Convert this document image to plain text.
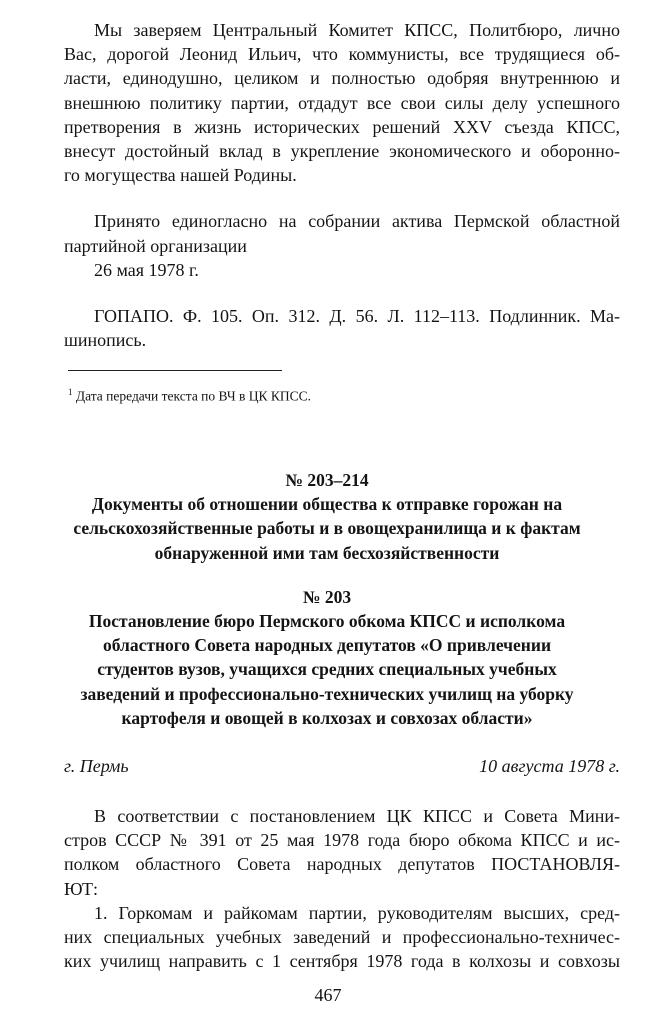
Мы заверяем Центральный Комитет КПСС, Политбюро, лично
Вас, дорогой Леонид Ильич, что коммунисты, все трудящиеся об-
ласти, единодушно, целиком и полностью одобряя внутреннюю и
внешнюю политику партии, отдадут все свои силы делу успешного
претворения в жизнь исторических решений XXV съезда КПСС,
внесут достойный вклад в укрепление экономического и оборонно-
го могущества нашей Родины.
Принято единогласно на собрании актива Пермской областной
партийной организации
26 мая 1978 г.
ГОПАПО. Ф. 105. Оп. 312. Д. 56. Л. 112–113. Подлинник. Ма-
шинопись.
$^1$ Дата передачи текста по ВЧ в ЦК КПСС.
№ 203–214
Документы об отношении общества к отправке горожан на
сельскохозяйственные работы и в овощехранилища и к фактам
обнаруженной ими там бесхозяйственности
№ 203
Постановление бюро Пермского обкома КПСС и исполкома
областного Совета народных депутатов «О привлечении
студентов вузов, учащихся средних специальных учебных
заведений и профессионально-технических училищ на уборку
картофеля и овощей в колхозах и совхозах области»
г. Пермь	10 августа 1978 г.
В соответствии с постановлением ЦК КПСС и Совета Мини-
стров СССР № 391 от 25 мая 1978 года бюро обкома КПСС и ис-
полком областного Совета народных депутатов ПОСТАНОВЛЯ-
ЮТ:
1. Горкомам и райкомам партии, руководителям высших, сред-
них специальных учебных заведений и профессионально-техничес-
ких училищ направить с 1 сентября 1978 года в колхозы и совхозы
467
